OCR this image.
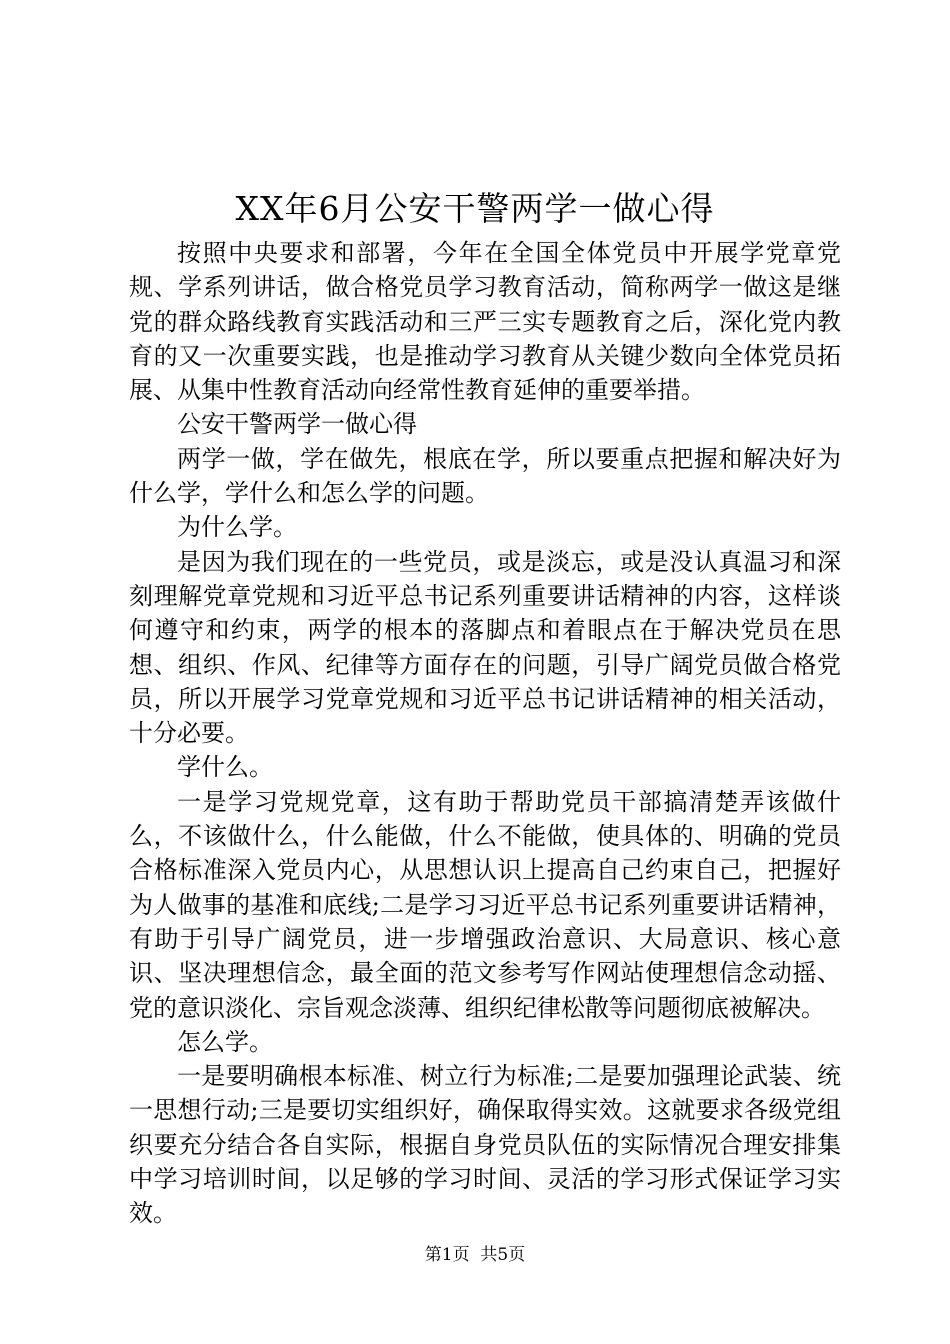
XX年6月公安干警两学一做心得

按照中央要求和部署，今年在全国全体党员中开展学党章党规、学系列讲话，做合格党员学习教育活动，简称两学一做这是继党的群众路线教育实践活动和三严三实专题教育之后，深化党内教育的又一次重要实践，也是推动学习教育从关键少数向全体党员拓展、从集中性教育活动向经常性教育延伸的重要举措。

公安干警两学一做心得

两学一做，学在做先，根底在学，所以要重点把握和解决好为什么学，学什么和怎么学的问题。

为什么学。

是因为我们现在的一些党员，或是淡忘，或是没认真温习和深刻理解党章党规和习近平总书记系列重要讲话精神的内容，这样谈何遵守和约束，两学的根本的落脚点和着眼点在于解决党员在思想、组织、作风、纪律等方面存在的问题，引导广阔党员做合格党员，所以开展学习党章党规和习近平总书记讲话精神的相关活动，十分必要。

学什么。

一是学习党规党章，这有助于帮助党员干部搞清楚弄该做什么，不该做什么，什么能做，什么不能做，使具体的、明确的党员合格标准深入党员内心，从思想认识上提高自己约束自己，把握好为人做事的基准和底线;二是学习习近平总书记系列重要讲话精神，有助于引导广阔党员，进一步增强政治意识、大局意识、核心意识、坚决理想信念，最全面的范文参考写作网站使理想信念动摇、党的意识淡化、宗旨观念淡薄、组织纪律松散等问题彻底被解决。

怎么学。

一是要明确根本标准、树立行为标准;二是要加强理论武装、统一思想行动;三是要切实组织好，确保取得实效。这就要求各级党组织要充分结合各自实际，根据自身党员队伍的实际情况合理安排集中学习培训时间，以足够的学习时间、灵活的学习形式保证学习实效。

第1页  共5页
